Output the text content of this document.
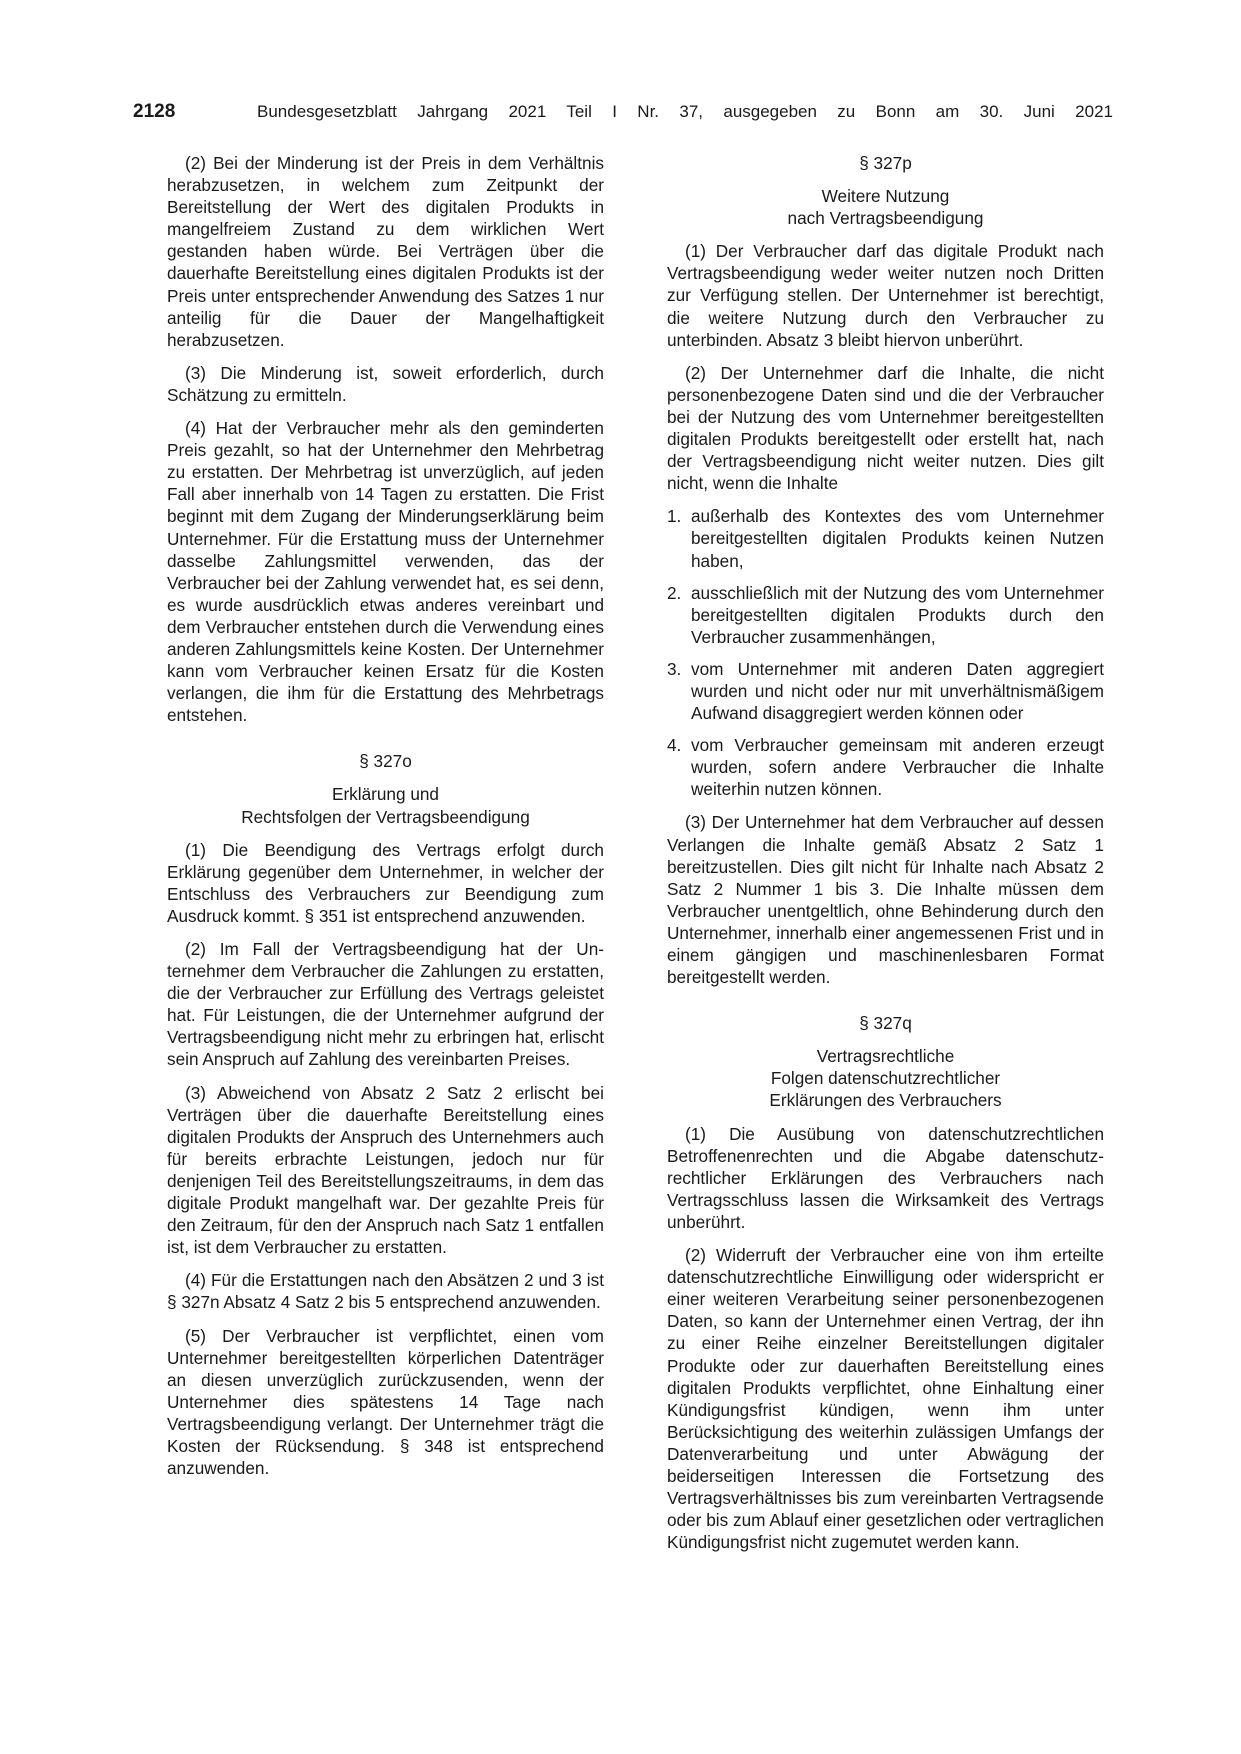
2128	Bundesgesetzblatt Jahrgang 2021 Teil I Nr. 37, ausgegeben zu Bonn am 30. Juni 2021

(2) Bei der Minderung ist der Preis in dem Verhältnis herabzusetzen, in welchem zum Zeitpunkt der Bereitstellung der Wert des digitalen Produkts in mangelfreiem Zustand zu dem wirklichen Wert gestanden haben würde. Bei Verträgen über die dauerhafte Bereitstellung eines digitalen Produkts ist der Preis unter entsprechender Anwendung des Satzes 1 nur anteilig für die Dauer der Mangelhaftigkeit herabzusetzen.

(3) Die Minderung ist, soweit erforderlich, durch Schätzung zu ermitteln.

(4) Hat der Verbraucher mehr als den geminderten Preis gezahlt, so hat der Unternehmer den Mehrbetrag zu erstatten. Der Mehrbetrag ist unverzüglich, auf jeden Fall aber innerhalb von 14 Tagen zu erstatten. Die Frist beginnt mit dem Zugang der Minderungserklärung beim Unternehmer. Für die Erstattung muss der Unternehmer dasselbe Zahlungsmittel verwenden, das der Verbraucher bei der Zahlung verwendet hat, es sei denn, es wurde ausdrücklich etwas anderes vereinbart und dem Verbraucher entstehen durch die Verwendung eines anderen Zahlungsmittels keine Kosten. Der Unternehmer kann vom Verbraucher keinen Ersatz für die Kosten verlangen, die ihm für die Erstattung des Mehrbetrags entstehen.

§ 327o
Erklärung und
Rechtsfolgen der Vertragsbeendigung

(1) Die Beendigung des Vertrags erfolgt durch Erklärung gegenüber dem Unternehmer, in welcher der Entschluss des Verbrauchers zur Beendigung zum Ausdruck kommt. § 351 ist entsprechend anzuwenden.

(2) Im Fall der Vertragsbeendigung hat der Unternehmer dem Verbraucher die Zahlungen zu erstatten, die der Verbraucher zur Erfüllung des Vertrags geleistet hat. Für Leistungen, die der Unternehmer aufgrund der Vertragsbeendigung nicht mehr zu erbringen hat, erlischt sein Anspruch auf Zahlung des vereinbarten Preises.

(3) Abweichend von Absatz 2 Satz 2 erlischt bei Verträgen über die dauerhafte Bereitstellung eines digitalen Produkts der Anspruch des Unternehmers auch für bereits erbrachte Leistungen, jedoch nur für denjenigen Teil des Bereitstellungszeitraums, in dem das digitale Produkt mangelhaft war. Der gezahlte Preis für den Zeitraum, für den der Anspruch nach Satz 1 entfallen ist, ist dem Verbraucher zu erstatten.

(4) Für die Erstattungen nach den Absätzen 2 und 3 ist § 327n Absatz 4 Satz 2 bis 5 entsprechend anzuwenden.

(5) Der Verbraucher ist verpflichtet, einen vom Unternehmer bereitgestellten körperlichen Datenträger an diesen unverzüglich zurückzusenden, wenn der Unternehmer dies spätestens 14 Tage nach Vertragsbeendigung verlangt. Der Unternehmer trägt die Kosten der Rücksendung. § 348 ist entsprechend anzuwenden.

§ 327p
Weitere Nutzung
nach Vertragsbeendigung

(1) Der Verbraucher darf das digitale Produkt nach Vertragsbeendigung weder weiter nutzen noch Dritten zur Verfügung stellen. Der Unternehmer ist berechtigt, die weitere Nutzung durch den Verbraucher zu unterbinden. Absatz 3 bleibt hiervon unberührt.

(2) Der Unternehmer darf die Inhalte, die nicht personenbezogene Daten sind und die der Verbraucher bei der Nutzung des vom Unternehmer bereitgestellten digitalen Produkts bereitgestellt oder erstellt hat, nach der Vertragsbeendigung nicht weiter nutzen. Dies gilt nicht, wenn die Inhalte

1. außerhalb des Kontextes des vom Unternehmer bereitgestellten digitalen Produkts keinen Nutzen haben,
2. ausschließlich mit der Nutzung des vom Unternehmer bereitgestellten digitalen Produkts durch den Verbraucher zusammenhängen,
3. vom Unternehmer mit anderen Daten aggregiert wurden und nicht oder nur mit unverhältnismäßigem Aufwand disaggregiert werden können oder
4. vom Verbraucher gemeinsam mit anderen erzeugt wurden, sofern andere Verbraucher die Inhalte weiterhin nutzen können.

(3) Der Unternehmer hat dem Verbraucher auf dessen Verlangen die Inhalte gemäß Absatz 2 Satz 1 bereitzustellen. Dies gilt nicht für Inhalte nach Absatz 2 Satz 2 Nummer 1 bis 3. Die Inhalte müssen dem Verbraucher unentgeltlich, ohne Behinderung durch den Unternehmer, innerhalb einer angemessenen Frist und in einem gängigen und maschinenlesbaren Format bereitgestellt werden.

§ 327q
Vertragsrechtliche
Folgen datenschutzrechtlicher
Erklärungen des Verbrauchers

(1) Die Ausübung von datenschutzrechtlichen Betroffenenrechten und die Abgabe datenschutzrechtlicher Erklärungen des Verbrauchers nach Vertragsschluss lassen die Wirksamkeit des Vertrags unberührt.

(2) Widerruft der Verbraucher eine von ihm erteilte datenschutzrechtliche Einwilligung oder widerspricht er einer weiteren Verarbeitung seiner personenbezogenen Daten, so kann der Unternehmer einen Vertrag, der ihn zu einer Reihe einzelner Bereitstellungen digitaler Produkte oder zur dauerhaften Bereitstellung eines digitalen Produkts verpflichtet, ohne Einhaltung einer Kündigungsfrist kündigen, wenn ihm unter Berücksichtigung des weiterhin zulässigen Umfangs der Datenverarbeitung und unter Abwägung der beiderseitigen Interessen die Fortsetzung des Vertragsverhältnisses bis zum vereinbarten Vertragsende oder bis zum Ablauf einer gesetzlichen oder vertraglichen Kündigungsfrist nicht zugemutet werden kann.
